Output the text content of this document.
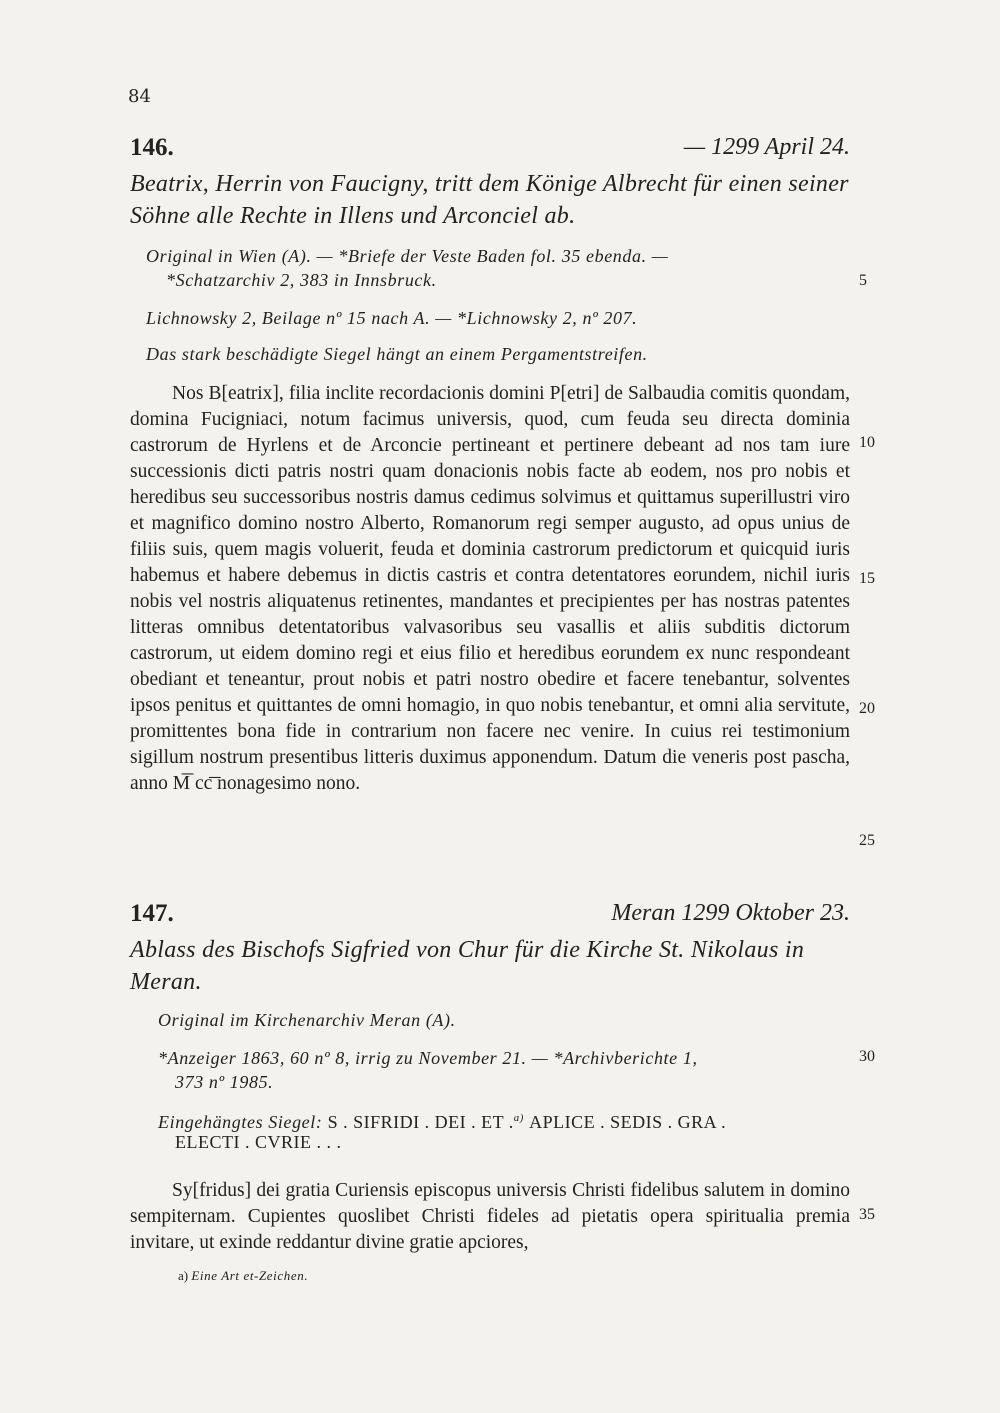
84
146.	— 1299 April 24.
Beatrix, Herrin von Faucigny, tritt dem Könige Albrecht für einen seiner Söhne alle Rechte in Illens und Arconciel ab.
Original in Wien (A). — *Briefe der Veste Baden fol. 35 ebenda. —
*Schatzarchiv 2, 383 in Innsbruck.
Lichnowsky 2, Beilage nº 15 nach A. — *Lichnowsky 2, nº 207.
Das stark beschädigte Siegel hängt an einem Pergamentstreifen.
Nos B[eatrix], filia inclite recordacionis domini P[etri] de Salbaudia comitis quondam, domina Fucigniaci, notum facimus universis, quod, cum feuda seu directa dominia castrorum de Hyrlens et de Arconcie pertineant et pertinere debeant ad nos tam iure successionis dicti patris nostri quam donacionis nobis facte ab eodem, nos pro nobis et heredibus seu successoribus nostris damus cedimus solvimus et quittamus superillustri viro et magnifico domino nostro Alberto, Romanorum regi semper augusto, ad opus unius de filiis suis, quem magis voluerit, feuda et dominia castrorum predictorum et quicquid iuris habemus et habere debemus in dictis castris et contra detentatores eorundem, nichil iuris nobis vel nostris aliquatenus retinentes, mandantes et precipientes per has nostras patentes litteras omnibus detentatoribus valvasoribus seu vasallis et aliis subditis dictorum castrorum, ut eidem domino regi et eius filio et heredibus eorundem ex nunc respondeant obediant et teneantur, prout nobis et patri nostro obedire et facere tenebantur, solventes ipsos penitus et quittantes de omni homagio, in quo nobis tenebantur, et omni alia servitute, promittentes bona fide in contrarium non facere nec venire. In cuius rei testimonium sigillum nostrum presentibus litteris duximus apponendum. Datum die veneris post pascha, anno M͞ cc͞ nonagesimo nono.
147.	Meran 1299 Oktober 23.
Ablass des Bischofs Sigfried von Chur für die Kirche St. Nikolaus in Meran.
Original im Kirchenarchiv Meran (A).
*Anzeiger 1863, 60 nº 8, irrig zu November 21. — *Archivberichte 1,
373 nº 1985.
Eingehängtes Siegel: S . SIFRIDI . DEI . ET .$^{a)}$ APLICE . SEDIS . GRA .
ELECTI . CVRIE . . .
Sy[fridus] dei gratia Curiensis episcopus universis Christi fidelibus salutem in domino sempiternam. Cupientes quoslibet Christi fideles ad pietatis opera spiritualia premia invitare, ut exinde reddantur divine gratie apciores,
5
10
15
20
25
30
35
a) Eine Art et-Zeichen.
